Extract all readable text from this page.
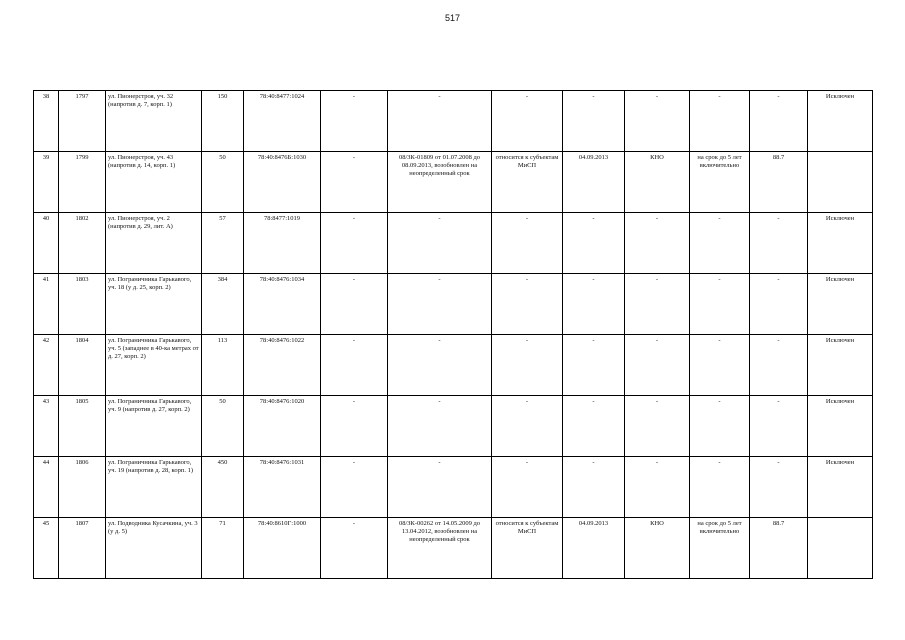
517
38	1797	ул. Пионерстроя, уч. 32 (напротив д. 7, корп. 1)	150	78:40:8477:1024	-	-	-	-	-	-	-	Исключен
39	1799	ул. Пионерстроя, уч. 43 (напротив д. 14, корп. 1)	50	78:40:8476Б:1030	-	08/ЗК-01809 от 01.07.2008 до 08.09.2013, возобновлен на неопределенный срок	относится к субъектам МиСП	04.09.2013	КНО	на срок до 5 лет включительно	88.7	
40	1802	ул. Пионерстроя, уч. 2 (напротив д. 29, лит. А)	57	78:8477:1019	-	-	-	-	-	-	-	Исключен
41	1803	ул. Пограничника Гарькавого, уч. 18 (у д. 25, корп. 2)	384	78:40:8476:1034	-	-	-	-	-	-	-	Исключен
42	1804	ул. Пограничника Гарькавого, уч. 5 (западнее в 40-ка метрах от д. 27, корп. 2)	113	78:40:8476:1022	-	-	-	-	-	-	-	Исключен
43	1805	ул. Пограничника Гарькавого, уч. 9 (напротив д. 27, корп. 2)	50	78:40:8476:1020	-	-	-	-	-	-	-	Исключен
44	1806	ул. Пограничника Гарькавого, уч. 19 (напротив д. 28, корп. 1)	450	78:40:8476:1031	-	-	-	-	-	-	-	Исключен
45	1807	ул. Подводника Кусачкина, уч. 3 (у д. 5)	71	78:40:8610Г:1000	-	08/ЗК-00262 от 14.05.2009 до 13.04.2012, возобновлен на неопределенный срок	относится к субъектам МиСП	04.09.2013	КНО	на срок до 5 лет включительно	88.7	
